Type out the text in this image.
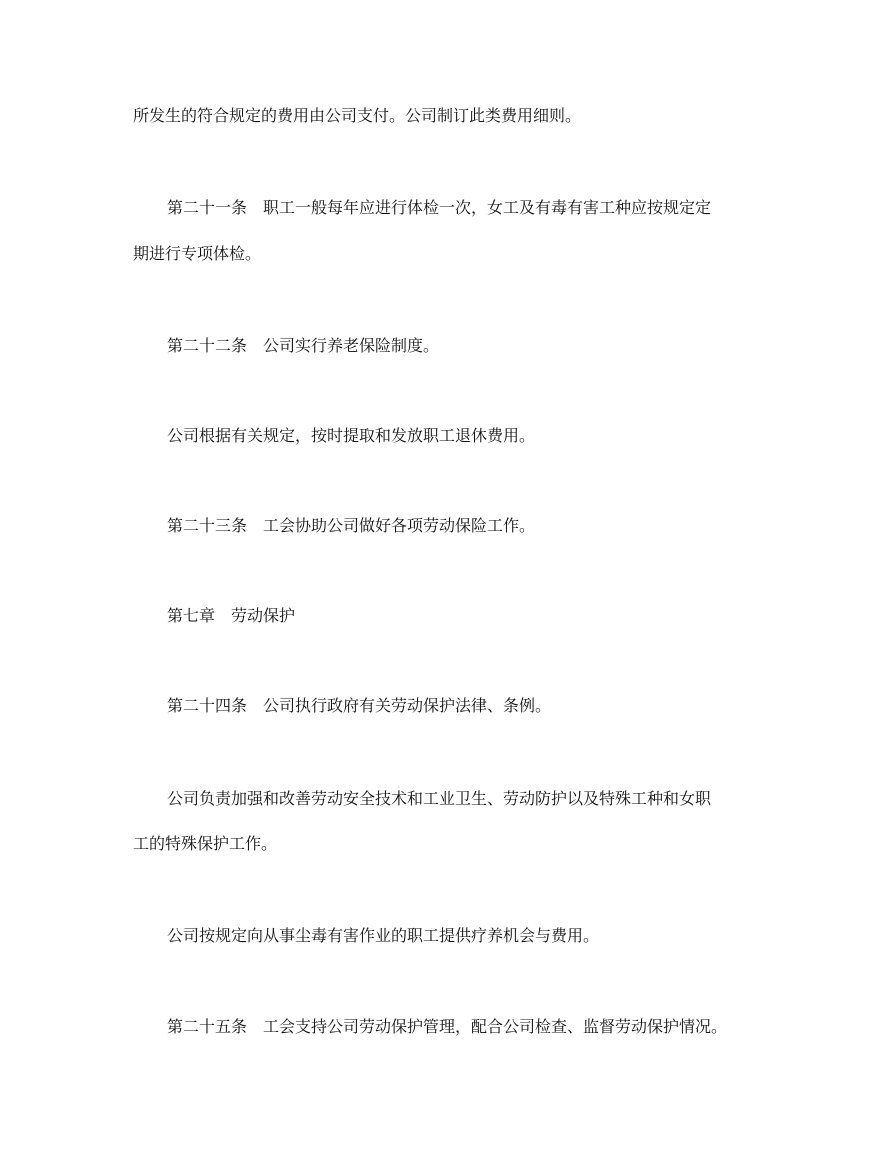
所发生的符合规定的费用由公司支付。公司制订此类费用细则。
第二十一条 职工一般每年应进行体检一次，女工及有毒有害工种应按规定定
期进行专项体检。
第二十二条 公司实行养老保险制度。
公司根据有关规定，按时提取和发放职工退休费用。
第二十三条 工会协助公司做好各项劳动保险工作。
第七章 劳动保护
第二十四条 公司执行政府有关劳动保护法律、条例。
公司负责加强和改善劳动安全技术和工业卫生、劳动防护以及特殊工种和女职
工的特殊保护工作。
公司按规定向从事尘毒有害作业的职工提供疗养机会与费用。
第二十五条 工会支持公司劳动保护管理，配合公司检查、监督劳动保护情况。
